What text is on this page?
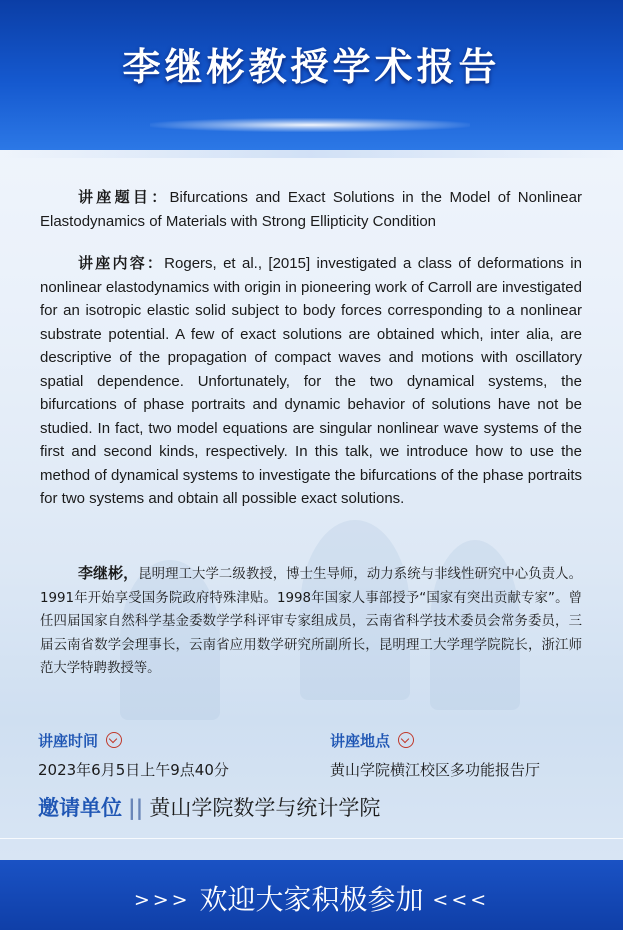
李继彬教授学术报告

讲座题目：Bifurcations and Exact Solutions in the Model of Nonlinear Elastodynamics of Materials with Strong Ellipticity Condition

讲座内容：Rogers, et al., [2015] investigated a class of deformations in nonlinear elastodynamics with origin in pioneering work of Carroll are investigated for an isotropic elastic solid subject to body forces corresponding to a nonlinear substrate potential. A few of exact solutions are obtained which, inter alia, are descriptive of the propagation of compact waves and motions with oscillatory spatial dependence. Unfortunately, for the two dynamical systems, the bifurcations of phase portraits and dynamic behavior of solutions have not be studied. In fact, two model equations are singular nonlinear wave systems of the first and second kinds, respectively. In this talk, we introduce how to use the method of dynamical systems to investigate the bifurcations of the phase portraits for two systems and obtain all possible exact solutions.

李继彬，昆明理工大学二级教授，博士生导师，动力系统与非线性研究中心负责人。1991年开始享受国务院政府特殊津贴。1998年国家人事部授予“国家有突出贡献专家”。曾任四届国家自然科学基金委数学学科评审专家组成员，云南省科学技术委员会常务委员，三届云南省数学会理事长，云南省应用数学研究所副所长，昆明理工大学理学院院长，浙江师范大学特聘教授等。

讲座时间
2023年6月5日上午9点40分
讲座地点
黄山学院横江校区多功能报告厅
邀请单位 || 黄山学院数学与统计学院
>>> 欢迎大家积极参加 <<<
